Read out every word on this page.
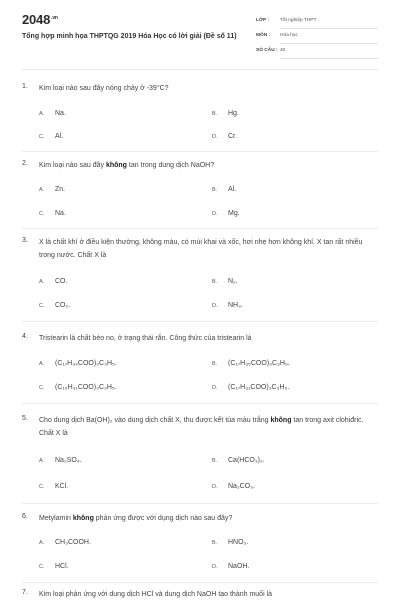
$2048^{.vn}$
Tổng hợp minh họa THPTQG 2019 Hóa Học có lời giải (Đề số 11)
LỚP : Tốt nghiệp THPT
MÔN : Hóa học
SỐ CÂU : 40
1. Kim loại nào sau đây nóng chảy ở -39°C?
A. Na.	B. Hg.
C. Al.	D. Cr.
2. Kim loại nào sau đây không tan trong dung dịch NaOH?
A. Zn.	B. Al.
C. Na.	D. Mg.
3. X là chất khí ở điều kiện thường, không màu, có mùi khai và xốc, hơi nhẹ hơn không khí. X tan rất nhiều trong nước. Chất X là
A. CO.	B. N₂.
C. CO₂.	D. NH₃.
4. Tristearin là chất béo no, ở trạng thái rắn. Công thức của tristearin là
A. (C₁₇H₃₃COO)₃C₃H₅.	B. (C₁₇H₃₅COO)₃C₃H₅.
C. (C₁₅H₃₁COO)₃C₃H₅.	D. (C₁₇H₃₁COO)₃C₃H₅.
5. Cho dung dịch Ba(OH)₂ vào dung dịch chất X, thu được kết tủa màu trắng không tan trong axit clohiđric. Chất X là
A. Na₂SO₄.	B. Ca(HCO₃)₂.
C. KCl.	D. Na₂CO₃.
6. Metylamin không phản ứng được với dụng dịch nào sau đây?
A. CH₃COOH.	B. HNO₃.
C. HCl.	D. NaOH.
7. Kim loại phản ứng với dung dịch HCl và dung dịch NaOH tạo thành muối là
